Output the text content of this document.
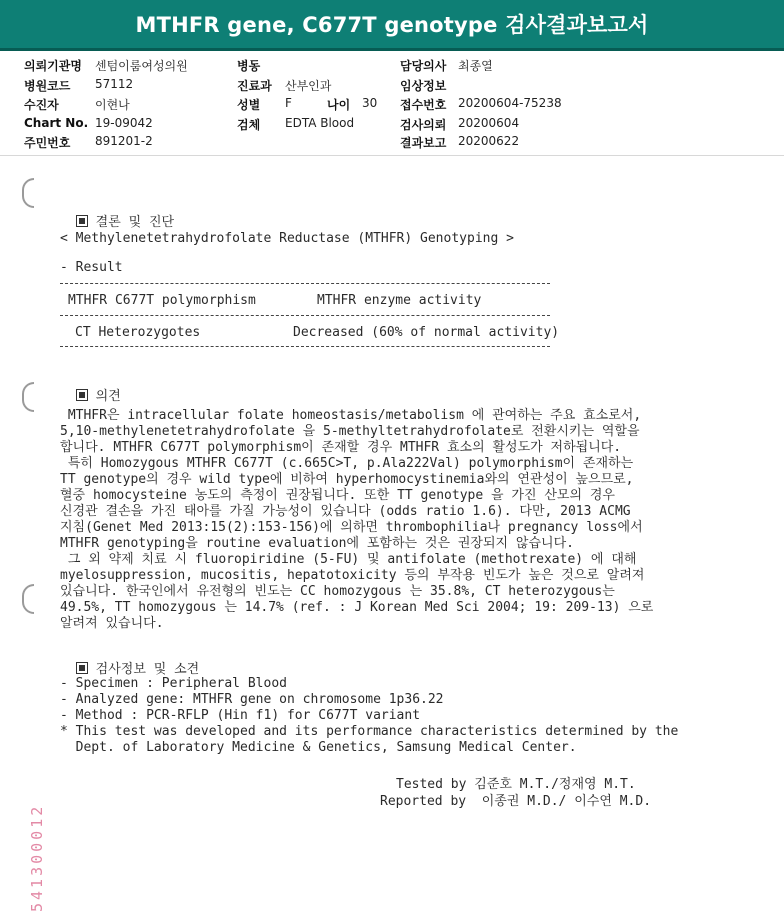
MTHFR gene, C677T genotype 검사결과보고서
의뢰기관명 센텀이룸여성의원
병원코드 57112
수진자	이현나
Chart No. 19-09042
주민번호 891201-2
병동
진료과 산부인과
성별 F	나이 30
검체 EDTA Blood
담당의사 최종열
임상정보
접수번호 20200604-75238
검사의뢰 20200604
결과보고 20200622

결론 및 진단

< Methylenetetrahydrofolate Reductase (MTHFR) Genotyping >
- Result
MTHFR C677T polymorphism	MTHFR enzyme activity
CT Heterozygotes	Decreased (60% of normal activity)

의견

MTHFR은 intracellular folate homeostasis/metabolism 에 관여하는 주요 효소로서,
5,10-methylenetetrahydrofolate 을 5-methyltetrahydrofolate로 전환시키는 역할을
합니다. MTHFR C677T polymorphism이 존재할 경우 MTHFR 효소의 활성도가 저하됩니다.
특히 Homozygous MTHFR C677T (c.665C>T, p.Ala222Val) polymorphism이 존재하는
TT genotype의 경우 wild type에 비하여 hyperhomocystinemia와의 연관성이 높으므로,
혈중 homocysteine 농도의 측정이 권장됩니다. 또한 TT genotype 을 가진 산모의 경우
신경관 결손을 가진 태아를 가질 가능성이 있습니다 (odds ratio 1.6). 다만, 2013 ACMG
지침(Genet Med 2013:15(2):153-156)에 의하면 thrombophilia나 pregnancy loss에서
MTHFR genotyping을 routine evaluation에 포함하는 것은 권장되지 않습니다.
그 외 약제 치료 시 fluoropiridine (5-FU) 및 antifolate (methotrexate) 에 대해
myelosuppression, mucositis, hepatotoxicity 등의 부작용 빈도가 높은 것으로 알려져
있습니다. 한국인에서 유전형의 빈도는 CC homozygous 는 35.8%, CT heterozygous는
49.5%, TT homozygous 는 14.7% (ref. : J Korean Med Sci 2004; 19: 209-13) 으로
알려져 있습니다.

검사정보 및 소견

- Specimen : Peripheral Blood
- Analyzed gene: MTHFR gene on chromosome 1p36.22
- Method : PCR-RFLP (Hin f1) for C677T variant
* This test was developed and its performance characteristics determined by the
Dept. of Laboratory Medicine & Genetics, Samsung Medical Center.
Tested by 김준호 M.T./정재영 M.T.
Reported by  이종권 M.D./ 이수연 M.D.
541300012
